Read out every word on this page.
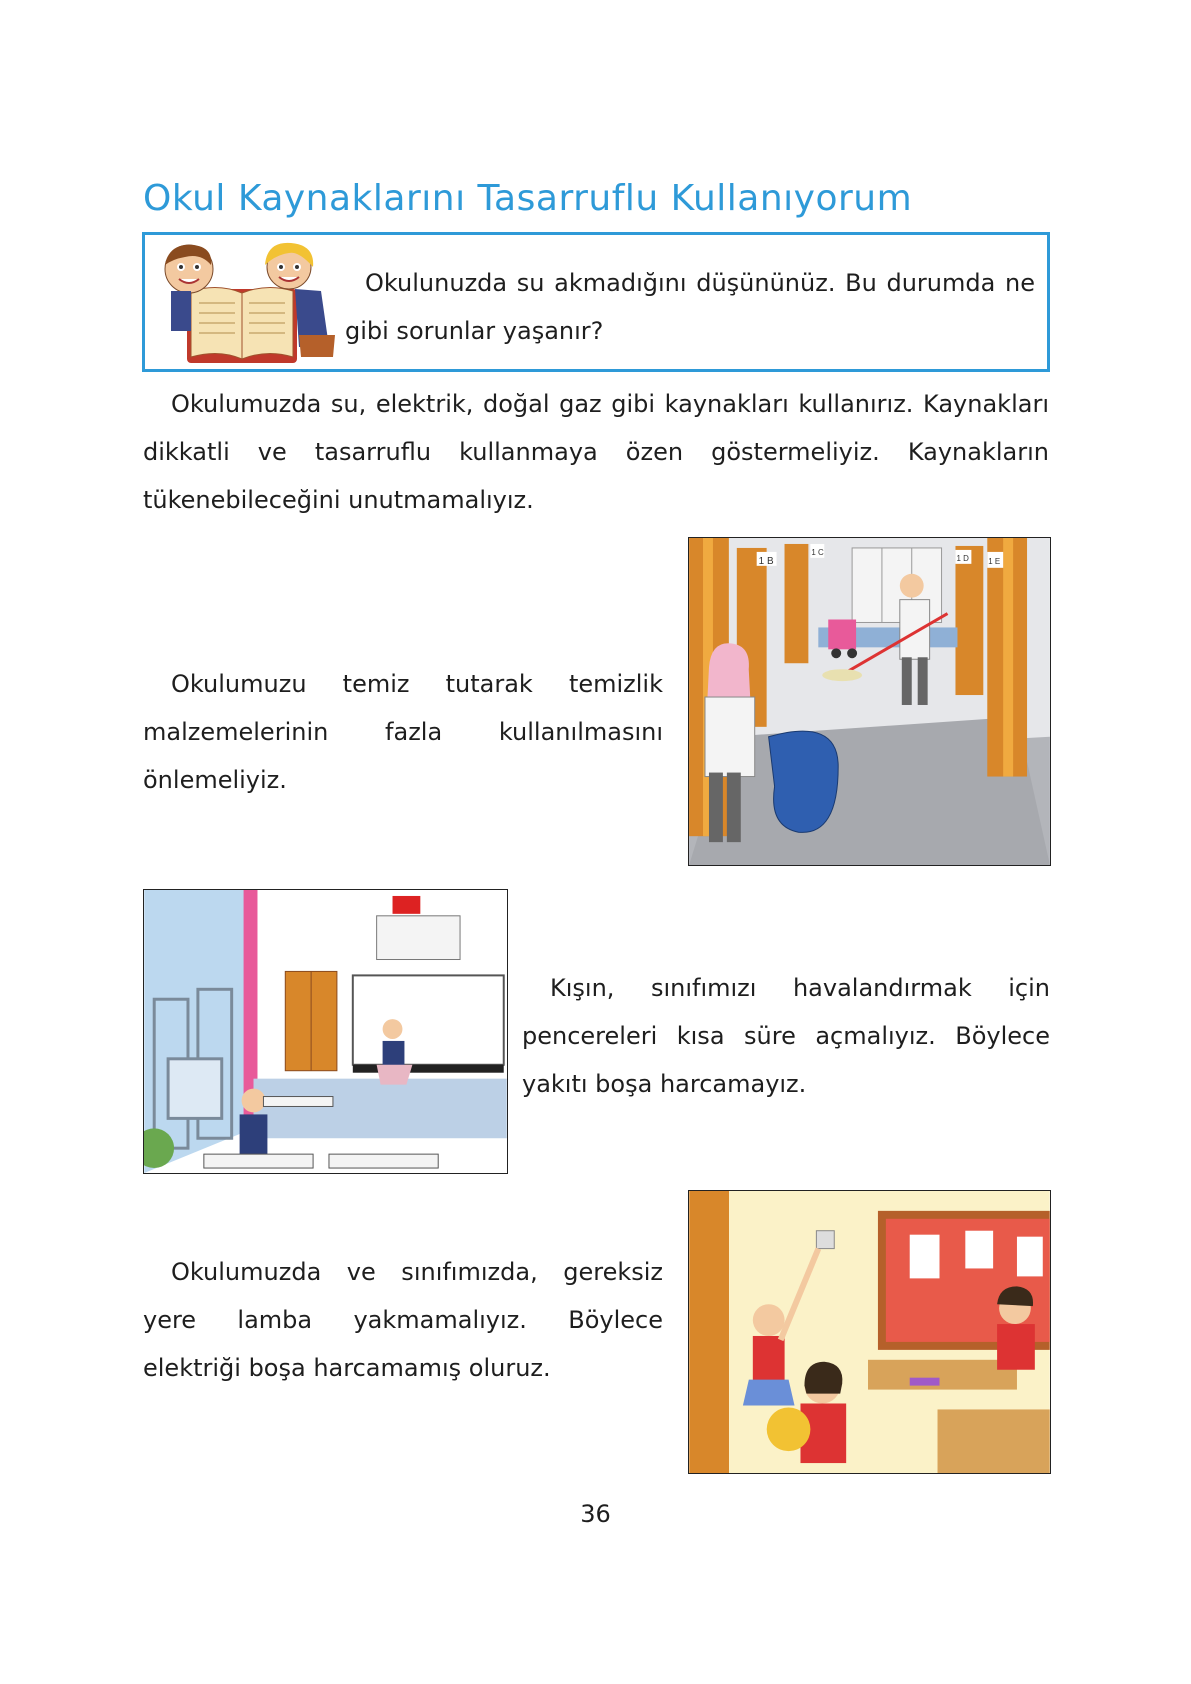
Okul Kaynaklarını Tasarruflu Kullanıyorum
Okulunuzda su akmadığını düşününüz. Bu durumda ne gibi sorunlar yaşanır?
Okulumuzda su, elektrik, doğal gaz gibi kaynakları kullanırız. Kaynakları dikkatli ve tasarruflu kullanmaya özen göstermeliyiz. Kaynakların tükenebileceğini unutmamalıyız.
1 B
1 C
1 D 1 E
Okulumuzu temiz tutarak temizlik malzemelerinin fazla kullanılmasını önlemeliyiz.
Kışın, sınıfımızı havalandırmak için pencereleri kısa süre açmalıyız. Böylece yakıtı boşa harcamayız.
Okulumuzda ve sınıfımızda, gereksiz yere lamba yakmamalıyız. Böylece elektriği boşa harcamamış oluruz.
36
